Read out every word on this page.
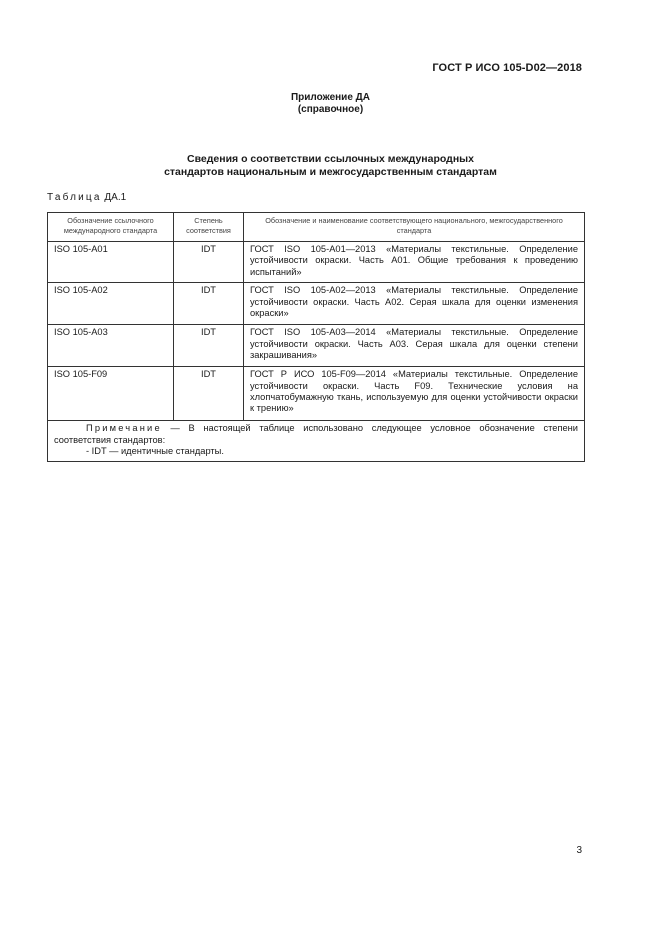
ГОСТ Р ИСО 105-D02—2018
Приложение ДА
(справочное)
Сведения о соответствии ссылочных международных
стандартов национальным и межгосударственным стандартам
Таблица ДА.1
Обозначение ссылочного международного стандарта	Степень соответствия	Обозначение и наименование соответствующего национального, межгосударственного стандарта
ISO 105-A01	IDT	ГОСТ ISO 105-A01—2013 «Материалы текстильные. Определение устойчивости окраски. Часть А01. Общие требования к проведению испытаний»
ISO 105-A02	IDT	ГОСТ ISO 105-A02—2013 «Материалы текстильные. Определение устойчивости окраски. Часть А02. Серая шкала для оценки изменения окраски»
ISO 105-A03	IDT	ГОСТ ISO 105-A03—2014 «Материалы текстильные. Определение устойчивости окраски. Часть А03. Серая шкала для оценки степени закрашивания»
ISO 105-F09	IDT	ГОСТ Р ИСО 105-F09—2014 «Материалы текстильные. Определение устойчивости окраски. Часть F09. Технические условия на хлопчатобумажную ткань, используемую для оценки устойчивости окраски к трению»

Примечание — В настоящей таблице использовано следующее условное обозначение степени соответствия стандартов:
- IDT — идентичные стандарты.		
3
